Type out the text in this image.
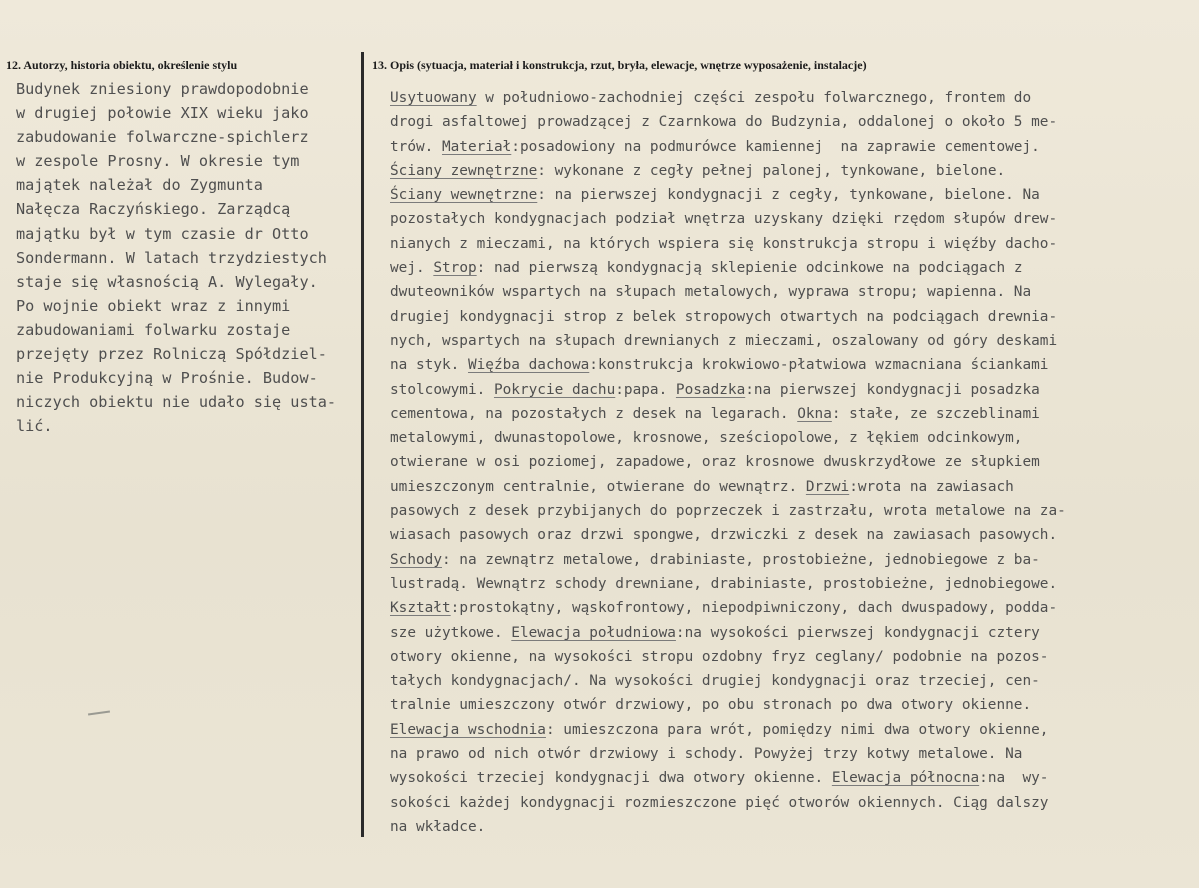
12. Autorzy, historia obiektu, określenie stylu	13. Opis (sytuacja, materiał i konstrukcja, rzut, bryła, elewacje, wnętrze wyposażenie, instalacje)
Budynek zniesiony prawdopodobnie
w drugiej połowie XIX wieku jako
zabudowanie folwarczne-spichlerz
w zespole Prosny. W okresie tym
majątek należał do Zygmunta
Nałęcza Raczyńskiego. Zarządcą
majątku był w tym czasie dr Otto
Sondermann. W latach trzydziestych
staje się własnością A. Wylegały.
Po wojnie obiekt wraz z innymi
zabudowaniami folwarku zostaje
przejęty przez Rolniczą Spółdziel-
nie Produkcyjną w Prośnie. Budow-
niczych obiektu nie udało się usta-
lić.
Usytuowany w południowo-zachodniej części zespołu folwarcznego, frontem do
drogi asfaltowej prowadzącej z Czarnkowa do Budzynia, oddalonej o około 5 me-
trów. Materiał:posadowiony na podmurówce kamiennej  na zaprawie cementowej.
Ściany zewnętrzne: wykonane z cegły pełnej palonej, tynkowane, bielone.
Ściany wewnętrzne: na pierwszej kondygnacji z cegły, tynkowane, bielone. Na
pozostałych kondygnacjach podział wnętrza uzyskany dzięki rzędom słupów drew-
nianych z mieczami, na których wspiera się konstrukcja stropu i więźby dacho-
wej. Strop: nad pierwszą kondygnacją sklepienie odcinkowe na podciągach z
dwuteowników wspartych na słupach metalowych, wyprawa stropu; wapienna. Na
drugiej kondygnacji strop z belek stropowych otwartych na podciągach drewnia-
nych, wspartych na słupach drewnianych z mieczami, oszalowany od góry deskami
na styk. Więźba dachowa:konstrukcja krokwiowo-płatwiowa wzmacniana ściankami
stolcowymi. Pokrycie dachu:papa. Posadzka:na pierwszej kondygnacji posadzka
cementowa, na pozostałych z desek na legarach. Okna: stałe, ze szczeblinami
metalowymi, dwunastopolowe, krosnowe, sześciopolowe, z łękiem odcinkowym,
otwierane w osi poziomej, zapadowe, oraz krosnowe dwuskrzydłowe ze słupkiem
umieszczonym centralnie, otwierane do wewnątrz. Drzwi:wrota na zawiasach
pasowych z desek przybijanych do poprzeczek i zastrzału, wrota metalowe na za-
wiasach pasowych oraz drzwi spongwe, drzwiczki z desek na zawiasach pasowych.
Schody: na zewnątrz metalowe, drabiniaste, prostobieżne, jednobiegowe z ba-
lustradą. Wewnątrz schody drewniane, drabiniaste, prostobieżne, jednobiegowe.
Kształt:prostokątny, wąskofrontowy, niepodpiwniczony, dach dwuspadowy, podda-
sze użytkowe. Elewacja południowa:na wysokości pierwszej kondygnacji cztery
otwory okienne, na wysokości stropu ozdobny fryz ceglany/ podobnie na pozos-
tałych kondygnacjach/. Na wysokości drugiej kondygnacji oraz trzeciej, cen-
tralnie umieszczony otwór drzwiowy, po obu stronach po dwa otwory okienne.
Elewacja wschodnia: umieszczona para wrót, pomiędzy nimi dwa otwory okienne,
na prawo od nich otwór drzwiowy i schody. Powyżej trzy kotwy metalowe. Na
wysokości trzeciej kondygnacji dwa otwory okienne. Elewacja północna:na  wy-
sokości każdej kondygnacji rozmieszczone pięć otworów okiennych. Ciąg dalszy
na wkładce.
